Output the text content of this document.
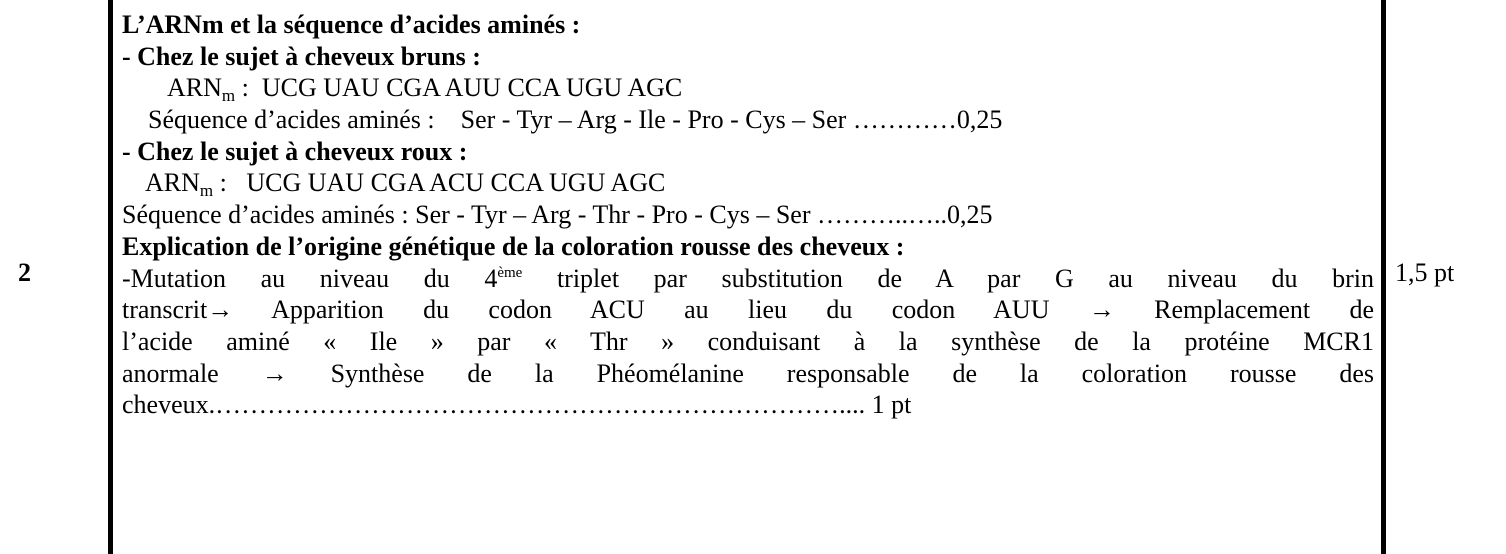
2
L’ARNm et la séquence d’acides aminés :
- Chez le sujet à cheveux bruns :
$ARN_m$ :  UCG UAU CGA AUU CCA UGU AGC
Séquence d’acides aminés :    Ser - Tyr – Arg - Ile - Pro - Cys – Ser …………0,25
- Chez le sujet à cheveux roux :
$ARN_m$ :   UCG UAU CGA ACU CCA UGU AGC
Séquence d’acides aminés : Ser - Tyr – Arg - Thr - Pro - Cys – Ser ………..…..0,25
Explication de l’origine génétique de la coloration rousse des cheveux :
-Mutation au niveau du 4ème triplet par substitution de A par G au niveau du brin
transcrit→ Apparition du codon ACU au lieu du codon AUU → Remplacement de
l’acide aminé « Ile » par « Thr » conduisant à la synthèse de la protéine MCR1
anormale → Synthèse de la Phéomélanine responsable de la coloration rousse des
cheveux.……………………………………………………………….... 1 pt
1,5 pt
